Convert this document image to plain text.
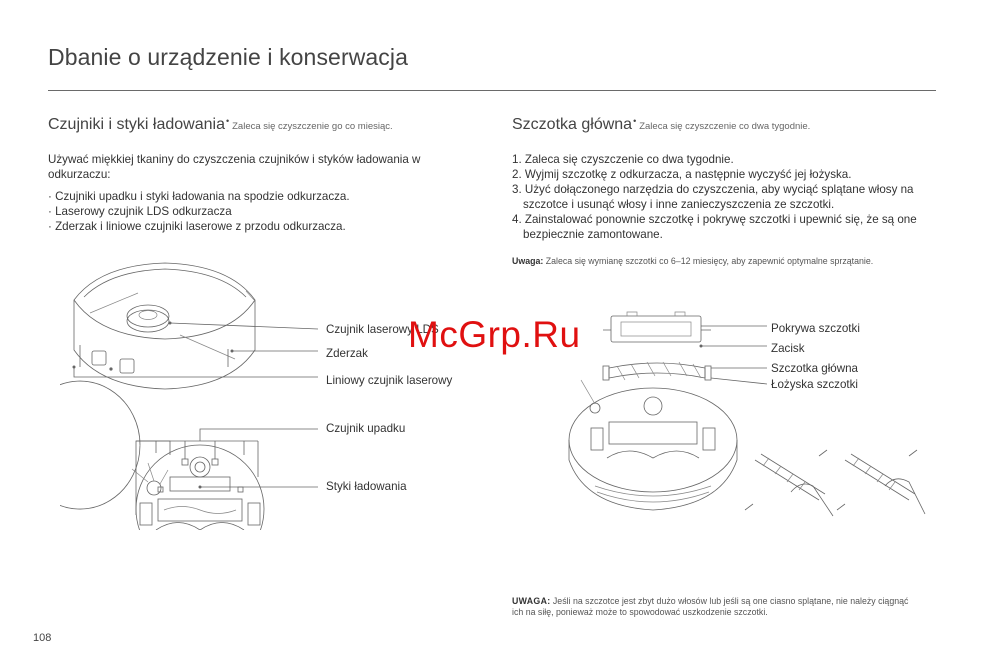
Dbanie o urządzenie i konserwacja
Czujniki i styki ładowania• Zaleca się czyszczenie go co miesiąc.
Używać miękkiej tkaniny do czyszczenia czujników i styków ładowania w odkurzaczu:
· Czujniki upadku i styki ładowania na spodzie odkurzacza.
· Laserowy czujnik LDS odkurzacza
· Zderzak i liniowe czujniki laserowe z przodu odkurzacza.
Szczotka główna• Zaleca się czyszczenie co dwa tygodnie.
1. Zaleca się czyszczenie co dwa tygodnie.
2. Wyjmij szczotkę z odkurzacza, a następnie wyczyść jej łożyska.
3. Użyć dołączonego narzędzia do czyszczenia, aby wyciąć splątane włosy na szczotce i usunąć włosy i inne zanieczyszczenia ze szczotki.
4. Zainstalować ponownie szczotkę i pokrywę szczotki i upewnić się, że są one bezpiecznie zamontowane.
Uwaga: Zaleca się wymianę szczotki co 6–12 miesięcy, aby zapewnić optymalne sprzątanie.
Czujnik laserowy LDS
Zderzak
Liniowy czujnik laserowy
Czujnik upadku
Styki ładowania
Pokrywa szczotki
Zacisk
Szczotka główna
Łożyska szczotki
UWAGA: Jeśli na szczotce jest zbyt dużo włosów lub jeśli są one ciasno splątane, nie należy ciągnąć ich na siłę, ponieważ może to spowodować uszkodzenie szczotki.
108
McGrp.Ru
